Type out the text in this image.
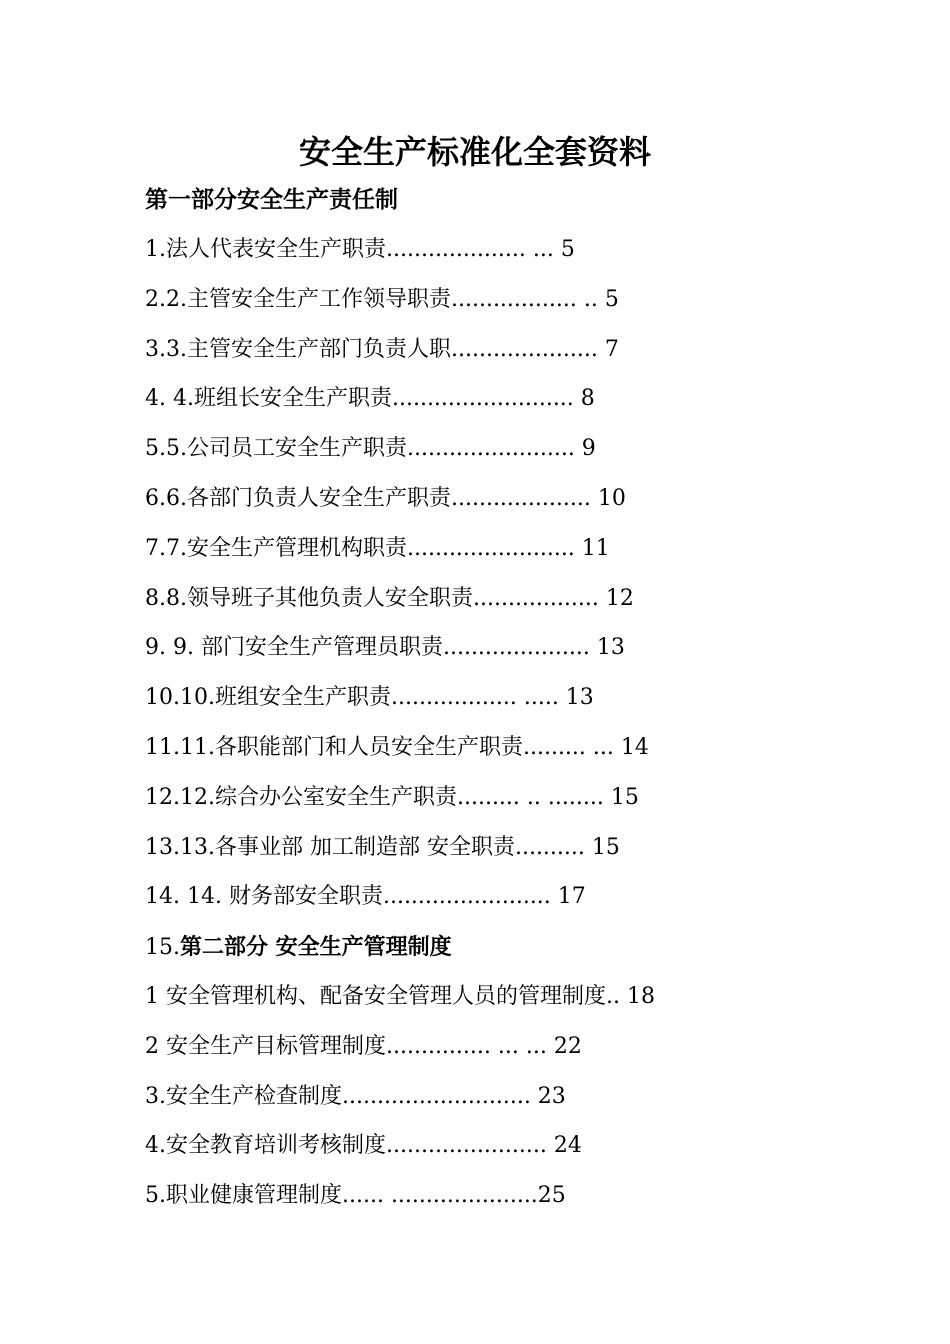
安全生产标准化全套资料
第一部分安全生产责任制
1.法人代表安全生产职责.................... ... 5
2.2.主管安全生产工作领导职责.................. .. 5
3.3.主管安全生产部门负责人职..................... 7
4. 4.班组长安全生产职责.......................... 8
5.5.公司员工安全生产职责........................ 9
6.6.各部门负责人安全生产职责.................... 10
7.7.安全生产管理机构职责........................ 11
8.8.领导班子其他负责人安全职责.................. 12
9. 9. 部门安全生产管理员职责..................... 13
10.10.班组安全生产职责.................. ..... 13
11.11.各职能部门和人员安全生产职责......... ... 14
12.12.综合办公室安全生产职责......... .. ........ 15
13.13.各事业部 加工制造部 安全职责.......... 15
14. 14. 财务部安全职责........................ 17
15.第二部分 安全生产管理制度
1 安全管理机构、配备安全管理人员的管理制度.. 18
2 安全生产目标管理制度............... ... ... 22
3.安全生产检查制度........................... 23
4.安全教育培训考核制度....................... 24
5.职业健康管理制度...... .....................25
